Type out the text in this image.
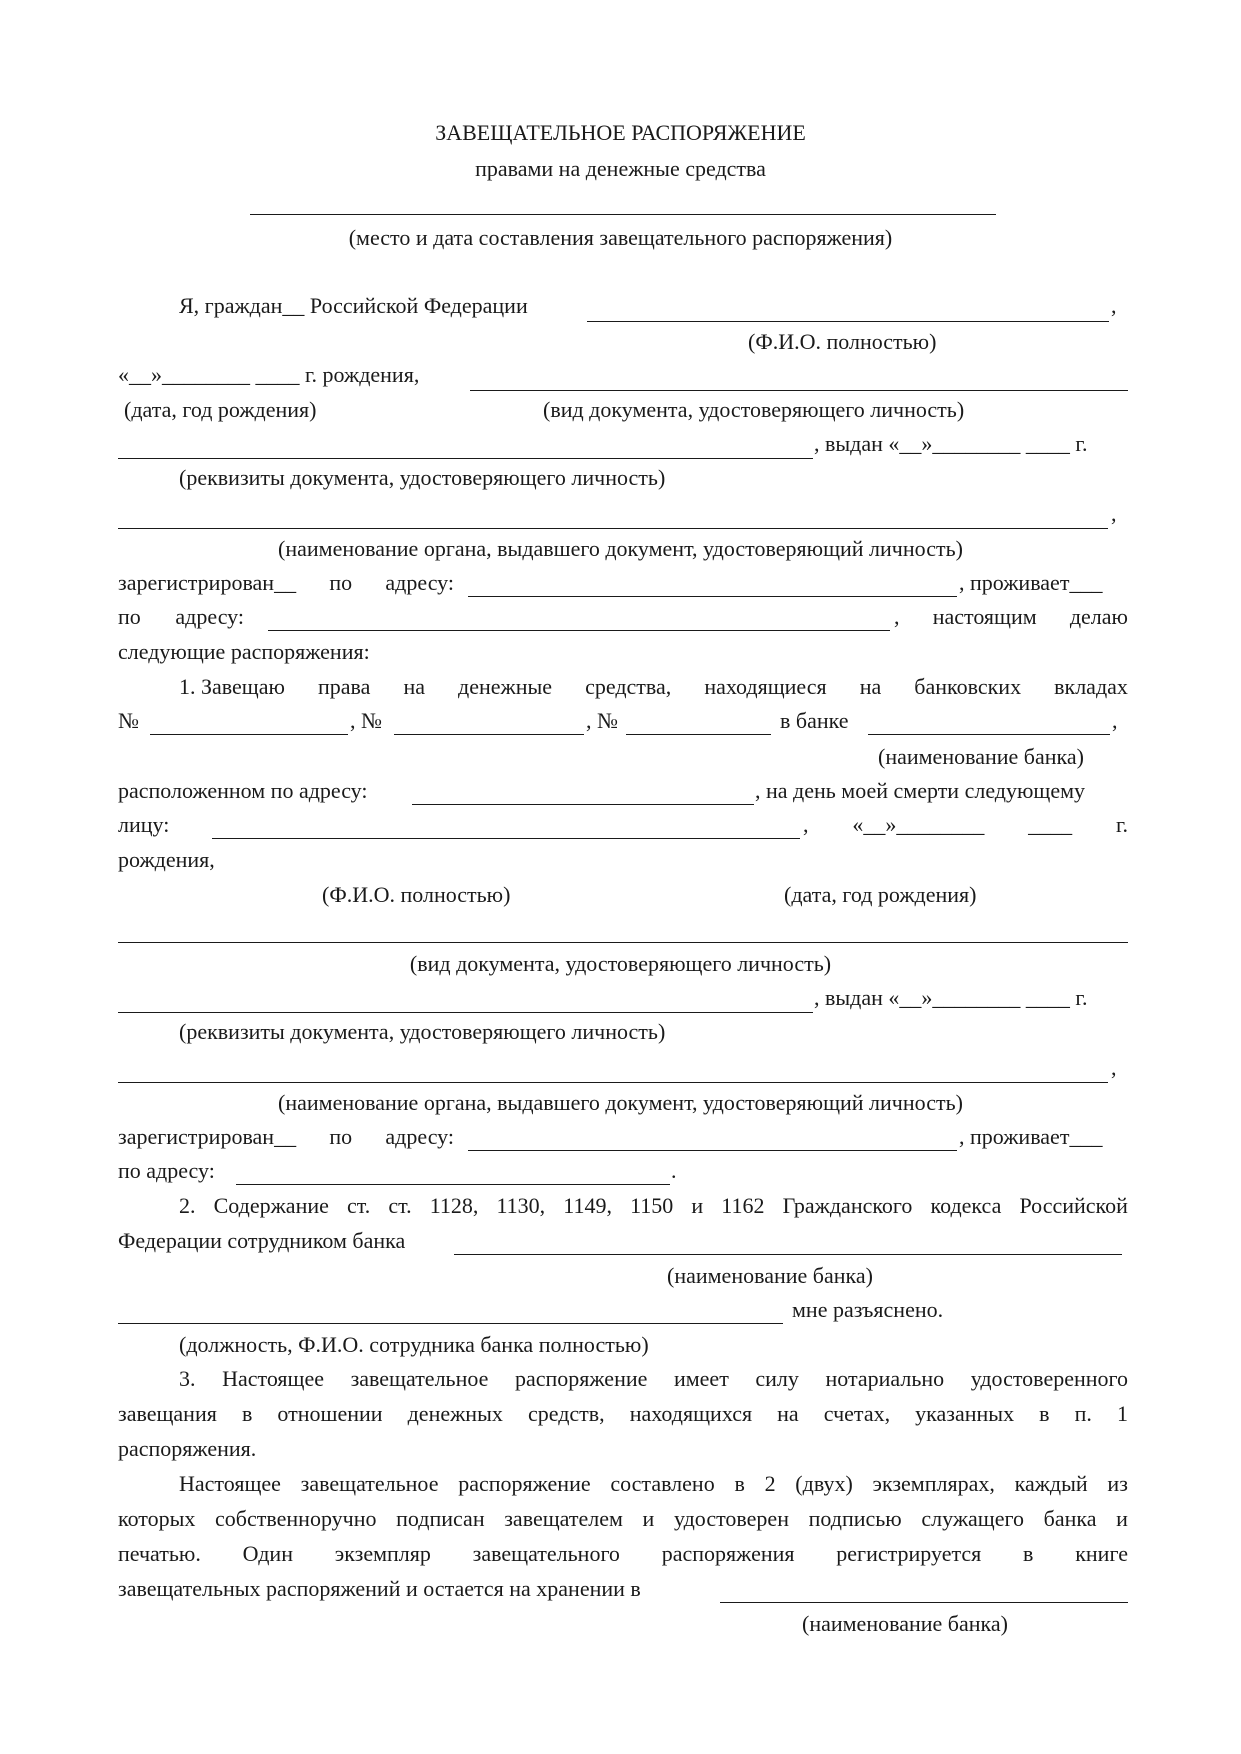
ЗАВЕЩАТЕЛЬНОЕ РАСПОРЯЖЕНИЕ
правами на денежные средства
(место и дата составления завещательного распоряжения)
Я, граждан__ Российской Федерации	,
(Ф.И.О. полностью)
«__»________ ____ г. рождения,
(дата, год рождения)	(вид документа, удостоверяющего личность)
, выдан «__»________ ____ г.
(реквизиты документа, удостоверяющего личность)
,
(наименование органа, выдавшего документ, удостоверяющий личность)
зарегистрирован__ по адресу:	, проживает___
по адресу:	, настоящим делаю
следующие распоряжения:
1. Завещаю права на денежные средства, находящиеся на банковских вкладах
№	, №	, №	в банке	,
(наименование банка)
расположенном по адресу:	, на день моей смерти следующему
лицу:	, «__»________ ____ г.
рождения,
(Ф.И.О. полностью)	(дата, год рождения)
(вид документа, удостоверяющего личность)
, выдан «__»________ ____ г.
(реквизиты документа, удостоверяющего личность)
,
(наименование органа, выдавшего документ, удостоверяющий личность)
зарегистрирован__ по адресу:	, проживает___
по адресу:	.
2. Содержание ст. ст. 1128, 1130, 1149, 1150 и 1162 Гражданского кодекса Российской
Федерации сотрудником банка
(наименование банка)
мне разъяснено.
(должность, Ф.И.О. сотрудника банка полностью)
3. Настоящее завещательное распоряжение имеет силу нотариально удостоверенного
завещания в отношении денежных средств, находящихся на счетах, указанных в п. 1
распоряжения.
Настоящее завещательное распоряжение составлено в 2 (двух) экземплярах, каждый из
которых собственноручно подписан завещателем и удостоверен подписью служащего банка и
печатью. Один экземпляр завещательного распоряжения регистрируется в книге
завещательных распоряжений и остается на хранении в
(наименование банка)
